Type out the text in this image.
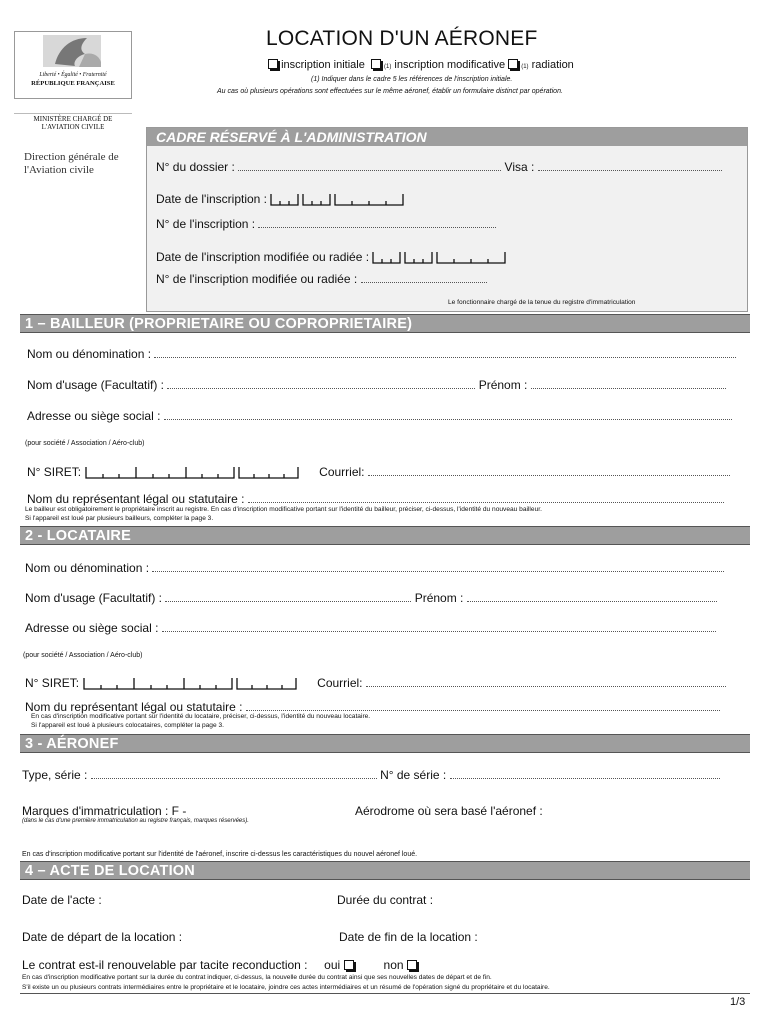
Liberté • Égalité • Fraternité
RÉPUBLIQUE FRANÇAISE
MINISTÈRE CHARGÉ DE
L'AVIATION CIVILE
Direction générale de
l'Aviation civile
LOCATION D'UN AÉRONEF
inscription initiale	(1) inscription modificative	(1) radiation
(1) Indiquer dans le cadre 5 les références de l'inscription initiale.
Au cas où plusieurs opérations sont effectuées sur le même aéronef, établir un formulaire distinct par opération.
CADRE RÉSERVÉ À L'ADMINISTRATION
N° du dossier :	Visa :
Date de l'inscription :
N° de l'inscription :
Date de l'inscription modifiée ou radiée :
N° de l'inscription modifiée ou radiée :
Le fonctionnaire chargé de la tenue du registre d'immatriculation
1 – BAILLEUR (PROPRIETAIRE OU COPROPRIETAIRE)
Nom ou dénomination :
Nom d'usage (Facultatif) :	Prénom :
Adresse ou siège social :
(pour société / Association / Aéro-club)
N° SIRET:	Courriel:
Nom du représentant légal ou statutaire :
Le bailleur est obligatoirement le propriétaire inscrit au registre. En cas d'inscription modificative portant sur l'identité du bailleur, préciser, ci-dessus, l'identité du nouveau bailleur.
Si l'appareil est loué par plusieurs bailleurs, compléter la page 3.
2 - LOCATAIRE
Nom ou dénomination :
Nom d'usage (Facultatif) :	Prénom :
Adresse ou siège social :
(pour société / Association / Aéro-club)
N° SIRET:	Courriel:
Nom du représentant légal ou statutaire :
En cas d'inscription modificative portant sur l'identité du locataire, préciser, ci-dessus, l'identité du nouveau locataire.
Si l'appareil est loué à plusieurs colocataires, compléter la page 3.
3 - AÉRONEF
Type, série :	N° de série :
Marques d'immatriculation : F -	Aérodrome où sera basé l'aéronef :
(dans le cas d'une première immatriculation au registre français, marques réservées).
En cas d'inscription modificative portant sur l'identité de l'aéronef, inscrire ci-dessus les caractéristiques du nouvel aéronef loué.
4 – ACTE DE LOCATION
Date de l'acte :	Durée du contrat :
Date de départ de la location :	Date de fin de la location :
Le contrat est-il renouvelable par tacite reconduction : oui	non
En cas d'inscription modificative portant sur la durée du contrat indiquer, ci-dessus, la nouvelle durée du contrat ainsi que ses nouvelles dates de départ et de fin.
S'il existe un ou plusieurs contrats intermédiaires entre le propriétaire et le locataire, joindre ces actes intermédiaires et un résumé de l'opération signé du propriétaire et du locataire.
1/3
